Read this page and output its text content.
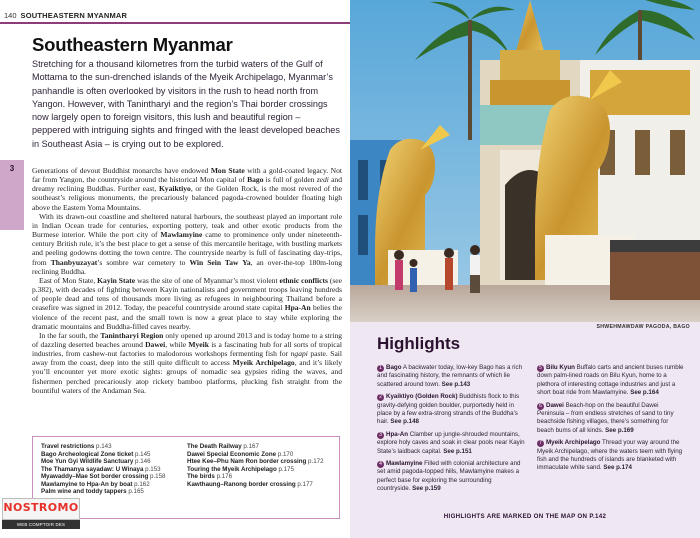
140 SOUTHEASTERN MYANMAR
Southeastern Myanmar

Stretching for a thousand kilometres from the turbid waters of the Gulf of Mottama to the sun-drenched islands of the Myeik Archipelago, Myanmar’s panhandle is often overlooked by visitors in the rush to head north from Yangon. However, with Tanintharyi and the region’s Thai border crossings now largely open to foreign visitors, this lush and beautiful region – peppered with intriguing sights and fringed with the least developed beaches in Southeast Asia – is crying out to be explored.

3	Generations of devout Buddhist monarchs have endowed Mon State with a gold-coated legacy. Not far from Yangon, the countryside around the historical Mon capital of Bago is full of golden zedi and dreamy reclining Buddhas. Further east, Kyaiktiyo, or the Golden Rock, is the most revered of the southeast’s religious monuments, the precariously balanced pagoda-crowned boulder floating high above the Eastern Yoma Mountains.

With its drawn-out coastline and sheltered natural harbours, the southeast played an important role in Indian Ocean trade for centuries, exporting pottery, teak and other exotic products from the Burmese interior. While the port city of Mawlamyine came to prominence only under nineteenth-century British rule, it’s the best place to get a sense of this mercantile heritage, with bustling markets and peeling godowns dotting the town centre. The countryside nearby is full of fascinating day-trips, from Thanbyuzayat’s sombre war cemetery to Win Sein Taw Ya, an over-the-top 180m-long reclining Buddha.

East of Mon State, Kayin State was the site of one of Myanmar’s most violent ethnic conflicts (see p.382), with decades of fighting between Kayin nationalists and government troops leaving hundreds of people dead and tens of thousands more living as refugees in neighbouring Thailand before a ceasefire was signed in 2012. Today, the peaceful countryside around state capital Hpa-An belies the violence of the recent past, and the small town is now a great place to stay while exploring the dramatic mountains and Buddha-filled caves nearby.

In the far south, the Tanintharyi Region only opened up around 2013 and is today home to a string of dazzling deserted beaches around Dawei, while Myeik is a fascinating hub for all sorts of tropical industries, from cashew-nut factories to malodorous workshops fermenting fish for ngapi paste. Sail away from the coast, deep into the still quite difficult to access Myeik Archipelago, and it’s likely you’ll encounter yet more exotic sights: groups of nomadic sea gypsies riding the waves, and fishermen perched precariously atop rickety bamboo platforms, plucking fish straight from the bountiful waters of the Andaman Sea.

Travel restrictions p.143
Bago Archeological Zone ticket p.145
Moe Yun Gyi Wildlife Sanctuary p.146
The Thamanya sayadaw: U Winaya p.153
Myawaddy–Mae Sot border crossing p.158
Mawlamyine to Hpa-An by boat p.162
Palm wine and toddy tappers p.165
The Death Railway p.167
Dawei Special Economic Zone p.170
Htee Kee–Phu Nam Ron border crossing p.172
Touring the Myeik Archipelago p.175
The birds p.176
Kawthaung–Ranong border crossing p.177
NOSTROMO
WEB COMPTOIR DES VOYAGEURS
SHWEHMAWDAW PAGODA, BAGO
Highlights
1 Bago A backwater today, low-key Bago has a rich and fascinating history, the remnants of which lie scattered around town. See p.143
2 Kyaiktiyo (Golden Rock) Buddhists flock to this gravity-defying golden boulder, purportedly held in place by a few extra-strong strands of the Buddha’s hair. See p.148
3 Hpa-An Clamber up jungle-shrouded mountains, explore holy caves and soak in clear pools near Kayin State’s laidback capital. See p.151
4 Mawlamyine Filled with colonial architecture and set amid pagoda-topped hills, Mawlamyine makes a perfect base for exploring the surrounding countryside. See p.159
5 Bilu Kyun Buffalo carts and ancient buses rumble down palm-lined roads on Bilu Kyun, home to a plethora of interesting cottage industries and just a short boat ride from Mawlamyine. See p.164
6 Dawei Beach-hop on the beautiful Dawei Peninsula – from endless stretches of sand to tiny beachside fishing villages, there’s something for beach bums of all kinds. See p.169
7 Myeik Archipelago Thread your way around the Myeik Archipelago, where the waters teem with flying fish and the hundreds of islands are blanketed with immaculate white sand. See p.174
HIGHLIGHTS ARE MARKED ON THE MAP ON P.142
